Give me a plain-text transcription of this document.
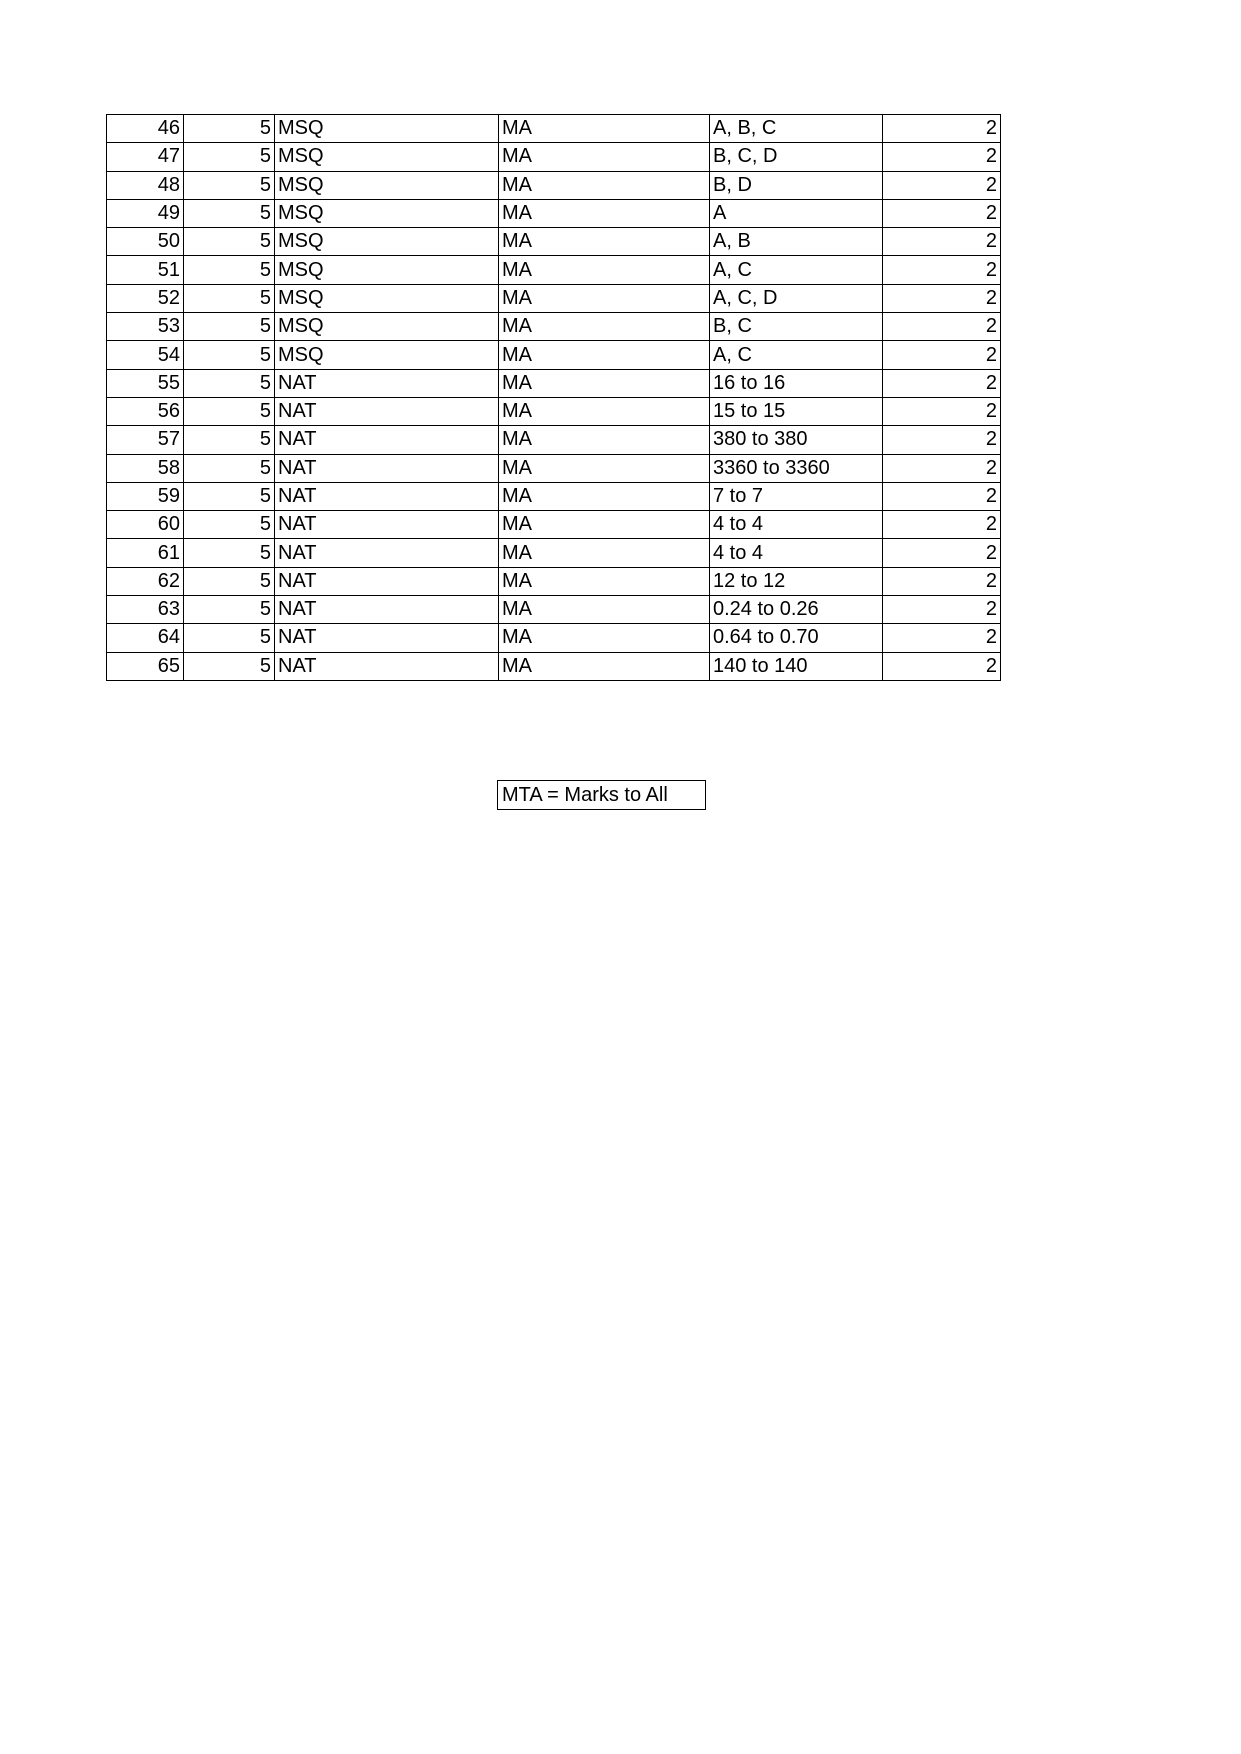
46	5	MSQ	MA	A, B, C	2
47	5	MSQ	MA	B, C, D	2
48	5	MSQ	MA	B, D	2
49	5	MSQ	MA	A	2
50	5	MSQ	MA	A, B	2
51	5	MSQ	MA	A, C	2
52	5	MSQ	MA	A, C, D	2
53	5	MSQ	MA	B, C	2
54	5	MSQ	MA	A, C	2
55	5	NAT	MA	16 to 16	2
56	5	NAT	MA	15 to 15	2
57	5	NAT	MA	380 to 380	2
58	5	NAT	MA	3360 to 3360	2
59	5	NAT	MA	7 to 7	2
60	5	NAT	MA	4 to 4	2
61	5	NAT	MA	4 to 4	2
62	5	NAT	MA	12 to 12	2
63	5	NAT	MA	0.24 to 0.26	2
64	5	NAT	MA	0.64 to 0.70	2
65	5	NAT	MA	140 to 140	2
MTA = Marks to All
